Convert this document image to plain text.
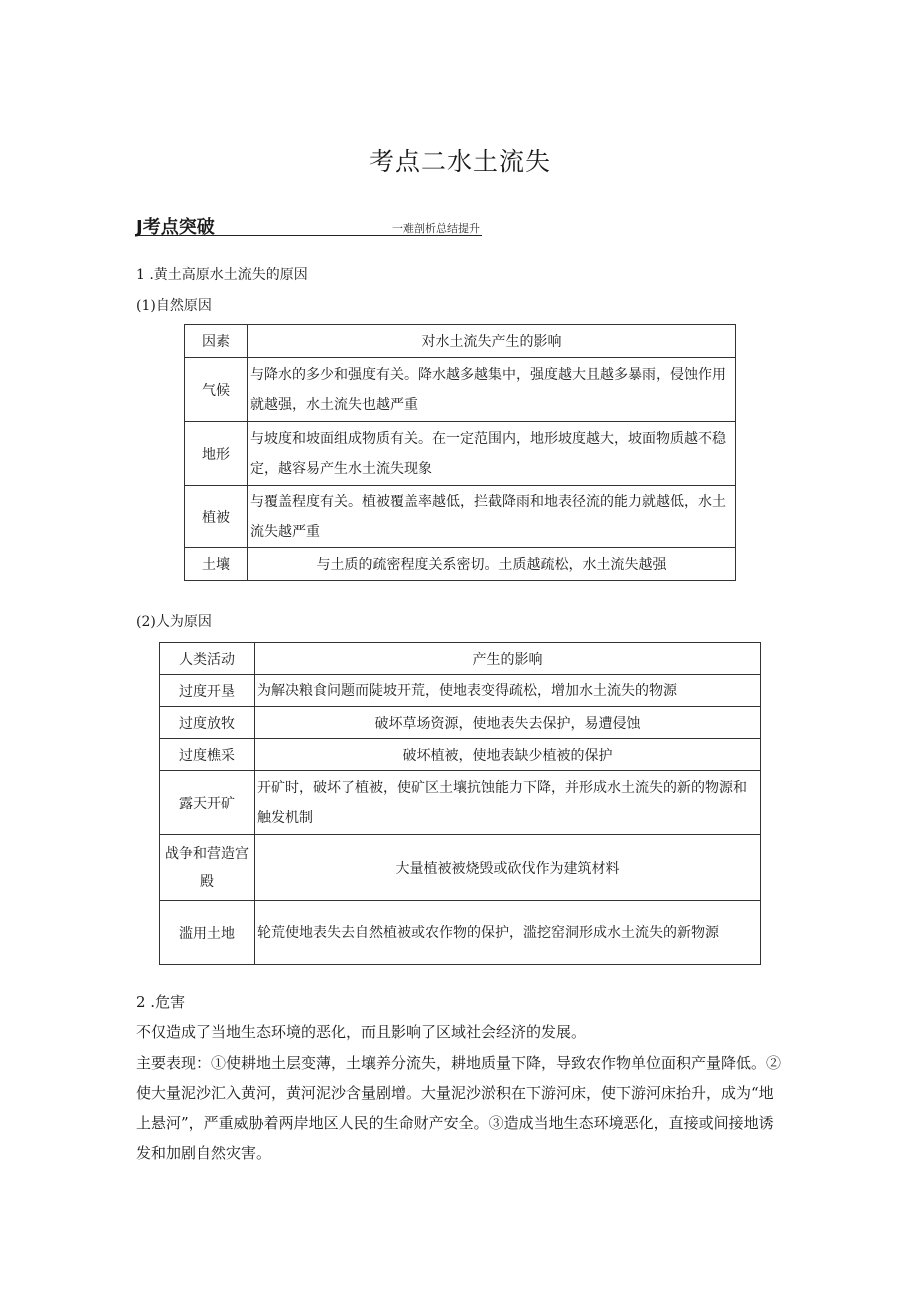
考点二水土流失
J考点突破	一难剖析总结提升
1 .黄土高原水土流失的原因
(1)自然原因
因素	对水土流失产生的影响
气候	与降水的多少和强度有关。降水越多越集中，强度越大且越多暴雨，侵蚀作用就越强，水土流失也越严重
地形	与坡度和坡面组成物质有关。在一定范围内，地形坡度越大，坡面物质越不稳定，越容易产生水土流失现象
植被	与覆盖程度有关。植被覆盖率越低，拦截降雨和地表径流的能力就越低，水土流失越严重
土壤	与土质的疏密程度关系密切。土质越疏松，水土流失越强
(2)人为原因
人类活动	产生的影响
过度开垦	为解决粮食问题而陡坡开荒，使地表变得疏松，增加水土流失的物源
过度放牧	破坏草场资源，使地表失去保护，易遭侵蚀
过度樵采	破坏植被，使地表缺少植被的保护
露天开矿	开矿时，破坏了植被，使矿区土壤抗蚀能力下降，并形成水土流失的新的物源和触发机制
战争和营造宫殿	大量植被被烧毁或砍伐作为建筑材料
滥用土地	轮荒使地表失去自然植被或农作物的保护，滥挖窑洞形成水土流失的新物源
2 .危害
不仅造成了当地生态环境的恶化，而且影响了区域社会经济的发展。
主要表现：①使耕地土层变薄，土壤养分流失，耕地质量下降，导致农作物单位面积产量降低。②使大量泥沙汇入黄河，黄河泥沙含量剧增。大量泥沙淤积在下游河床，使下游河床抬升，成为“地上悬河”，严重威胁着两岸地区人民的生命财产安全。③造成当地生态环境恶化，直接或间接地诱发和加剧自然灾害。
